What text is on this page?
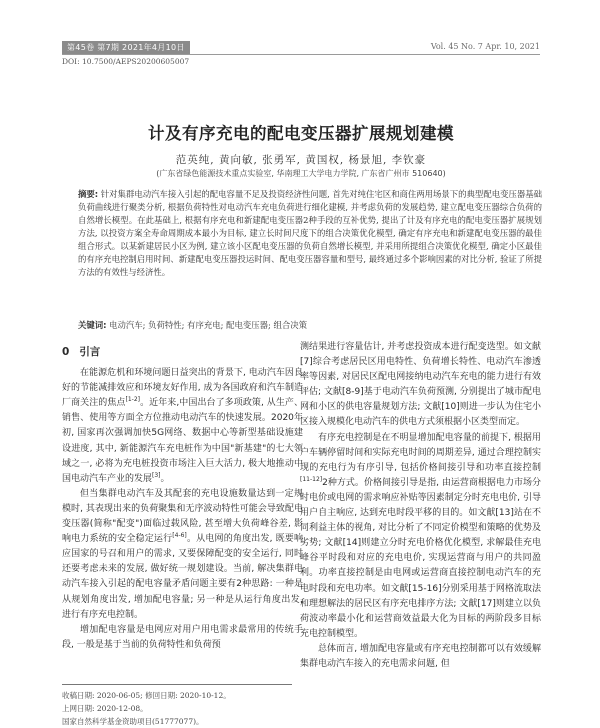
第45卷 第7期 2021年4月10日	Vol. 45 No. 7 Apr. 10, 2021
DOI: 10.7500/AEPS20200605007
计及有序充电的配电变压器扩展规划建模
范英纯, 黄向敏, 张勇军, 黄国权, 杨景旭, 李钦豪
(广东省绿色能源技术重点实验室, 华南理工大学电力学院, 广东省广州市 510640)
摘要: 针对集群电动汽车接入引起的配电容量不足及投资经济性问题, 首先对纯住宅区和商住两用场景下的典型配电变压器基础负荷曲线进行聚类分析, 根据负荷特性对电动汽车充电负荷进行细化建模, 并考虑负荷的发展趋势, 建立配电变压器综合负荷的自然增长模型。在此基础上, 根据有序充电和新建配电变压器2种手段的互补优势, 提出了计及有序充电的配电变压器扩展规划方法, 以投资方案全寿命周期成本最小为目标, 建立长时间尺度下的组合决策优化模型, 确定有序充电和新建配电变压器的最佳组合形式。以某新建居民小区为例, 建立该小区配电变压器的负荷自然增长模型, 并采用所提组合决策优化模型, 确定小区最佳的有序充电控制启用时间、新建配电变压器投运时间、配电变压器容量和型号, 最终通过多个影响因素的对比分析, 验证了所提方法的有效性与经济性。
关键词: 电动汽车; 负荷特性; 有序充电; 配电变压器; 组合决策
0 引言

在能源危机和环境问题日益突出的背景下, 电动汽车因良好的节能减排效应和环境友好作用, 成为各国政府和汽车制造厂商关注的焦点[1-2]。近年来,中国出台了多项政策, 从生产、销售、使用等方面全方位推动电动汽车的快速发展。2020年初, 国家再次强调加快5G网络、数据中心等新型基础设施建设进度, 其中, 新能源汽车充电桩作为中国"新基建"的七大领域之一, 必将为充电桩投资市场注入巨大活力, 极大地推动中国电动汽车产业的发展[3]。

但当集群电动汽车及其配套的充电设施数量达到一定规模时, 其表现出来的负荷聚集和无序波动特性可能会导致配电变压器(简称"配变")面临过载风险, 甚至增大负荷峰谷差, 影响电力系统的安全稳定运行[4-6]。从电网的角度出发, 既要响应国家的号召和用户的需求, 又要保障配变的安全运行, 同时还要考虑未来的发展, 做好统一规划建设。当前, 解决集群电动汽车接入引起的配电容量矛盾问题主要有2种思路: 一种是从规划角度出发, 增加配电容量; 另一种是从运行角度出发, 进行有序充电控制。

增加配电容量是电网应对用户用电需求最常用的传统手段, 一般是基于当前的负荷特性和负荷预

测结果进行容量估计, 并考虑投资成本进行配变选型。如文献[7]综合考虑居民区用电特性、负荷增长特性、电动汽车渗透率等因素, 对居民区配电网接纳电动汽车充电的能力进行有效评估; 文献[8-9]基于电动汽车负荷预测, 分别提出了城市配电网和小区的供电容量规划方法; 文献[10]则进一步认为住宅小区接入规模化电动汽车的供电方式须根据小区类型而定。

有序充电控制是在不明显增加配电容量的前提下, 根据用户车辆停留时间和实际充电时间的周期差异, 通过合理控制实现的充电行为有序引导, 包括价格间接引导和功率直接控制[11-12]2种方式。价格间接引导是指, 由运营商根据电力市场分时电价或电网的需求响应补贴等因素制定分时充电电价, 引导用户自主响应, 达到充电时段平移的目的。如文献[13]站在不同利益主体的视角, 对比分析了不同定价模型和策略的优势及劣势; 文献[14]则建立分时充电价格优化模型, 求解最佳充电峰谷平时段和对应的充电电价, 实现运营商与用户的共同盈利。功率直接控制是由电网或运营商直接控制电动汽车的充电时段和充电功率。如文献[15-16]分别采用基于网格流取法和理想解法的居民区有序充电排序方法; 文献[17]则建立以负荷波动率最小化和运营商效益最大化为目标的两阶段多目标充电控制模型。

总体而言, 增加配电容量或有序充电控制都可以有效缓解集群电动汽车接入的充电需求问题, 但

收稿日期: 2020-06-05; 修回日期: 2020-10-12。
上网日期: 2020-12-08。
国家自然科学基金资助项目(51777077)。
